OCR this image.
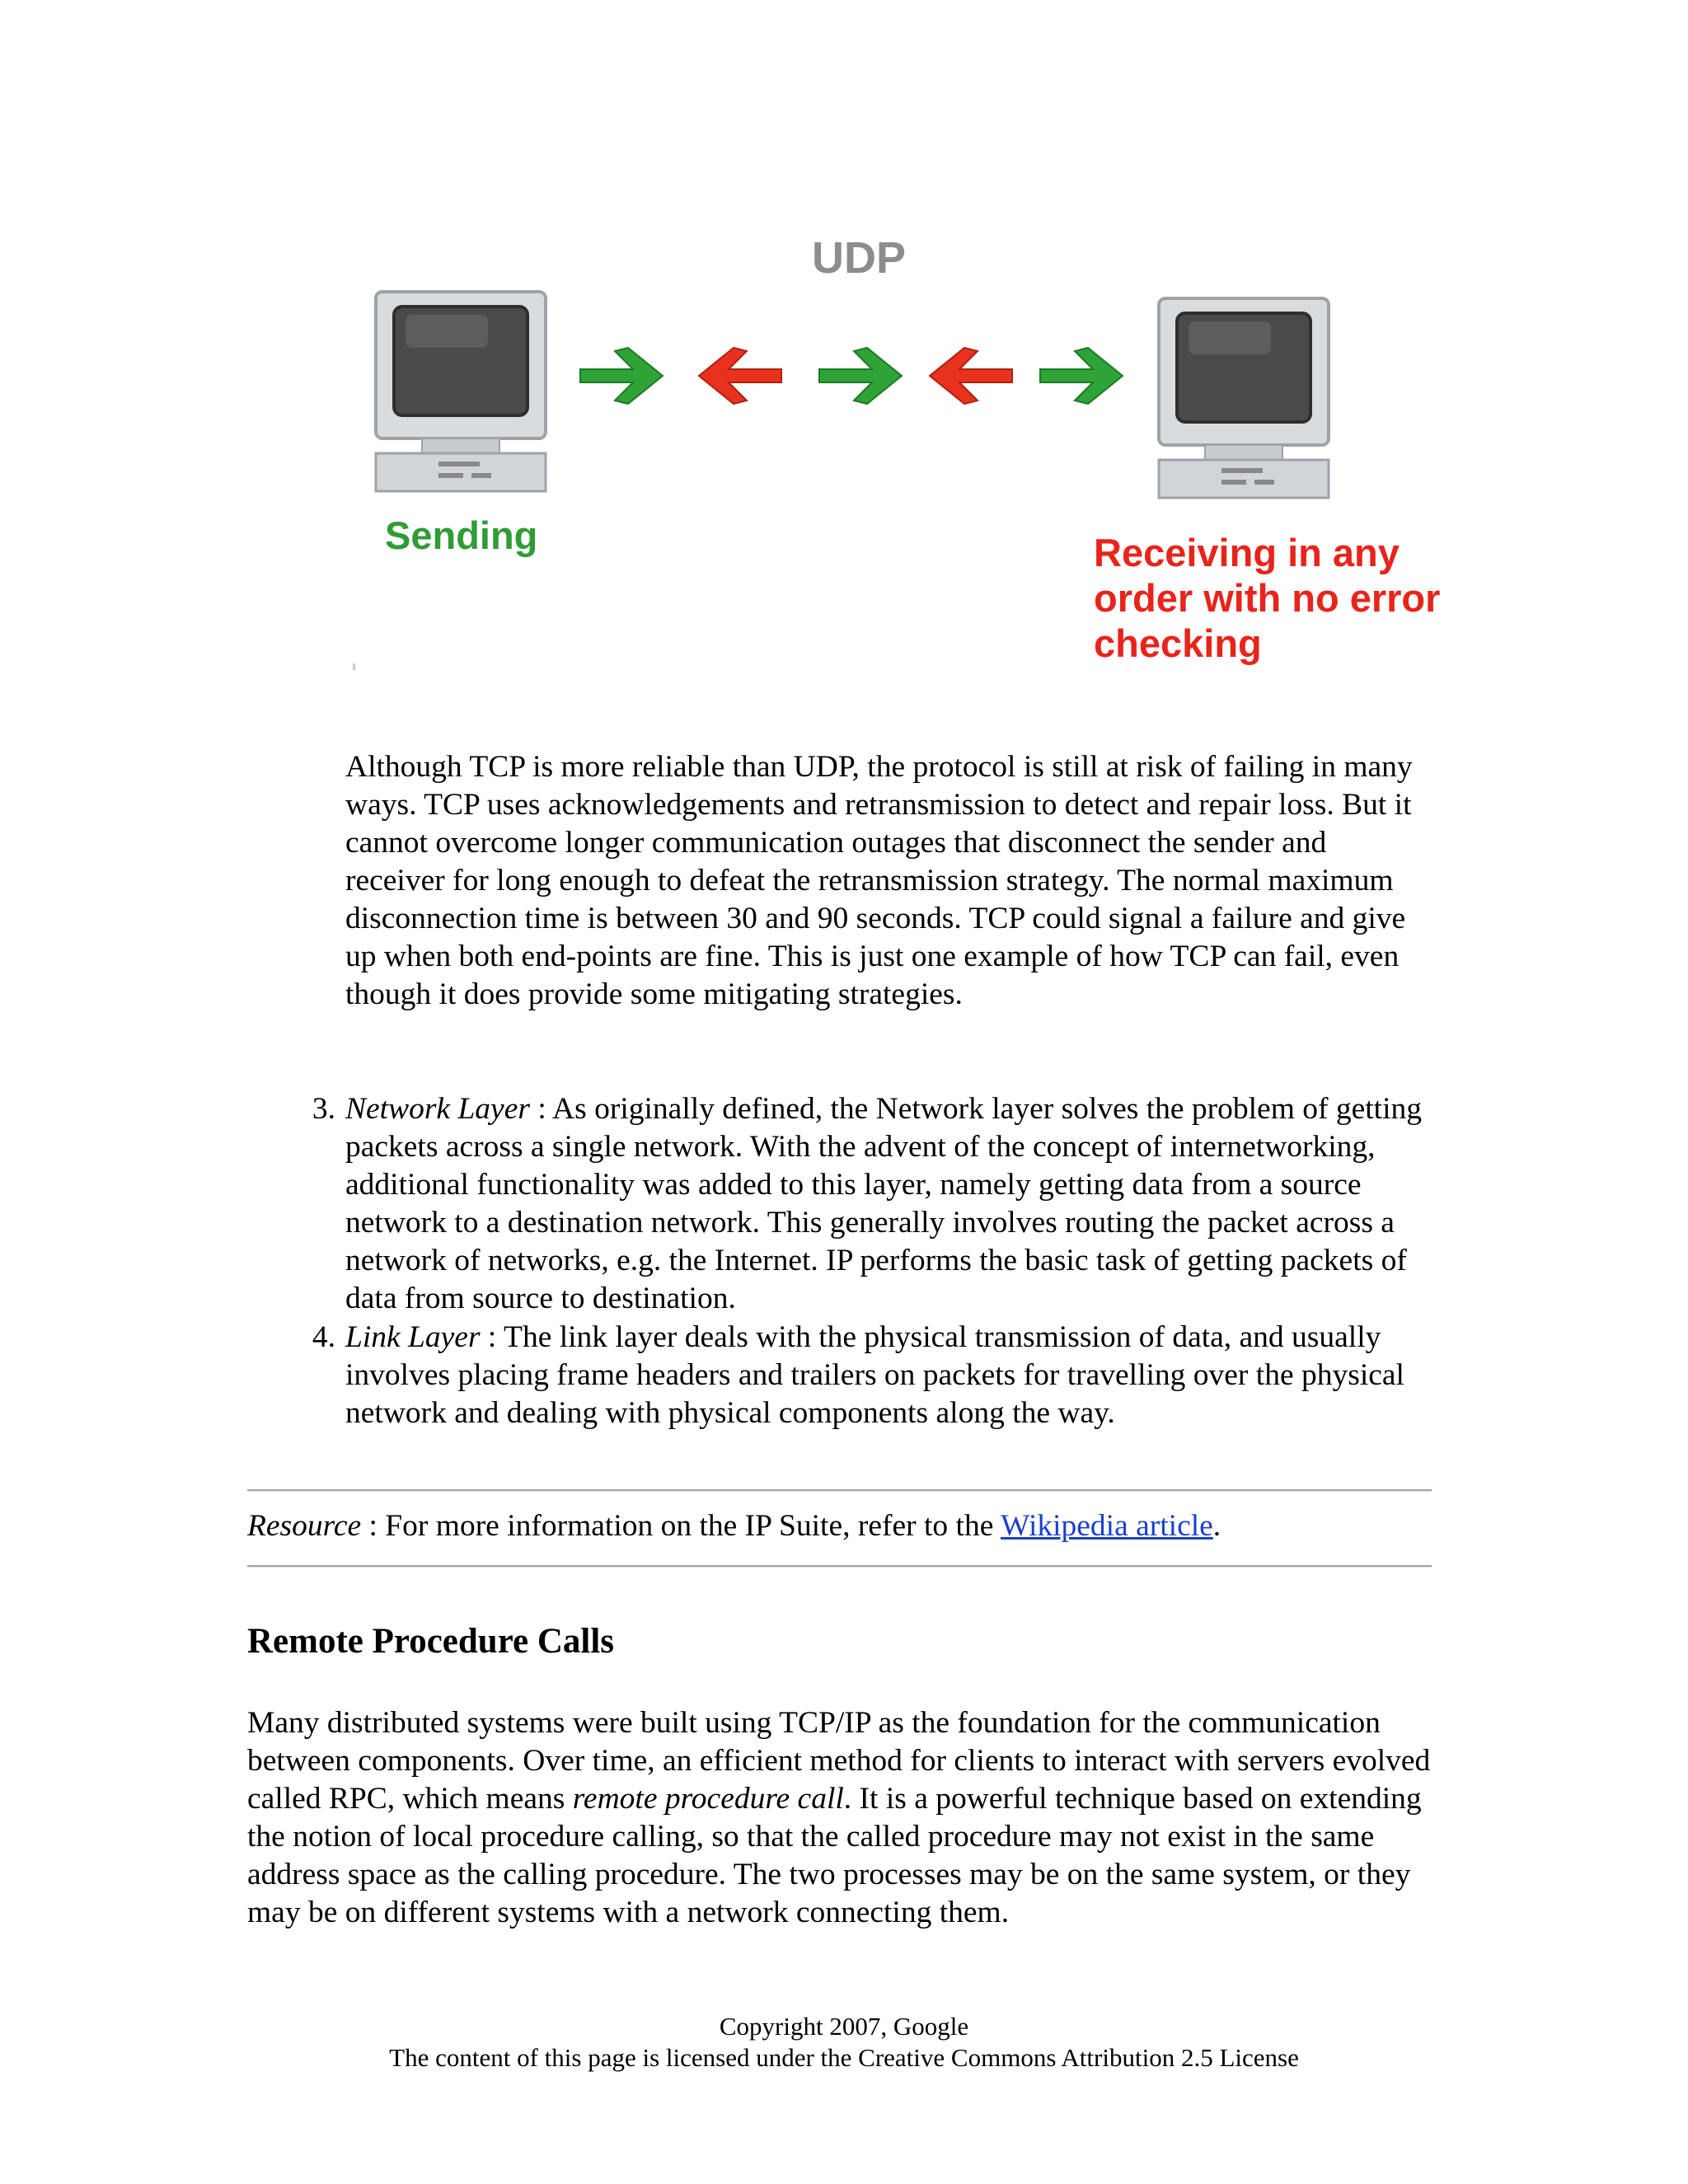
UDP
Sending	Receiving in any order with no error checking
Although TCP is more reliable than UDP, the protocol is still at risk of failing in many ways. TCP uses acknowledgements and retransmission to detect and repair loss. But it cannot overcome longer communication outages that disconnect the sender and receiver for long enough to defeat the retransmission strategy. The normal maximum disconnection time is between 30 and 90 seconds. TCP could signal a failure and give up when both end-points are fine. This is just one example of how TCP can fail, even though it does provide some mitigating strategies.
3. Network Layer : As originally defined, the Network layer solves the problem of getting packets across a single network. With the advent of the concept of internetworking, additional functionality was added to this layer, namely getting data from a source network to a destination network. This generally involves routing the packet across a network of networks, e.g. the Internet. IP performs the basic task of getting packets of data from source to destination.
4. Link Layer : The link layer deals with the physical transmission of data, and usually involves placing frame headers and trailers on packets for travelling over the physical network and dealing with physical components along the way.
Resource : For more information on the IP Suite, refer to the Wikipedia article.
Remote Procedure Calls
Many distributed systems were built using TCP/IP as the foundation for the communication between components. Over time, an efficient method for clients to interact with servers evolved called RPC, which means remote procedure call. It is a powerful technique based on extending the notion of local procedure calling, so that the called procedure may not exist in the same address space as the calling procedure. The two processes may be on the same system, or they may be on different systems with a network connecting them.
Copyright 2007, Google
The content of this page is licensed under the Creative Commons Attribution 2.5 License
